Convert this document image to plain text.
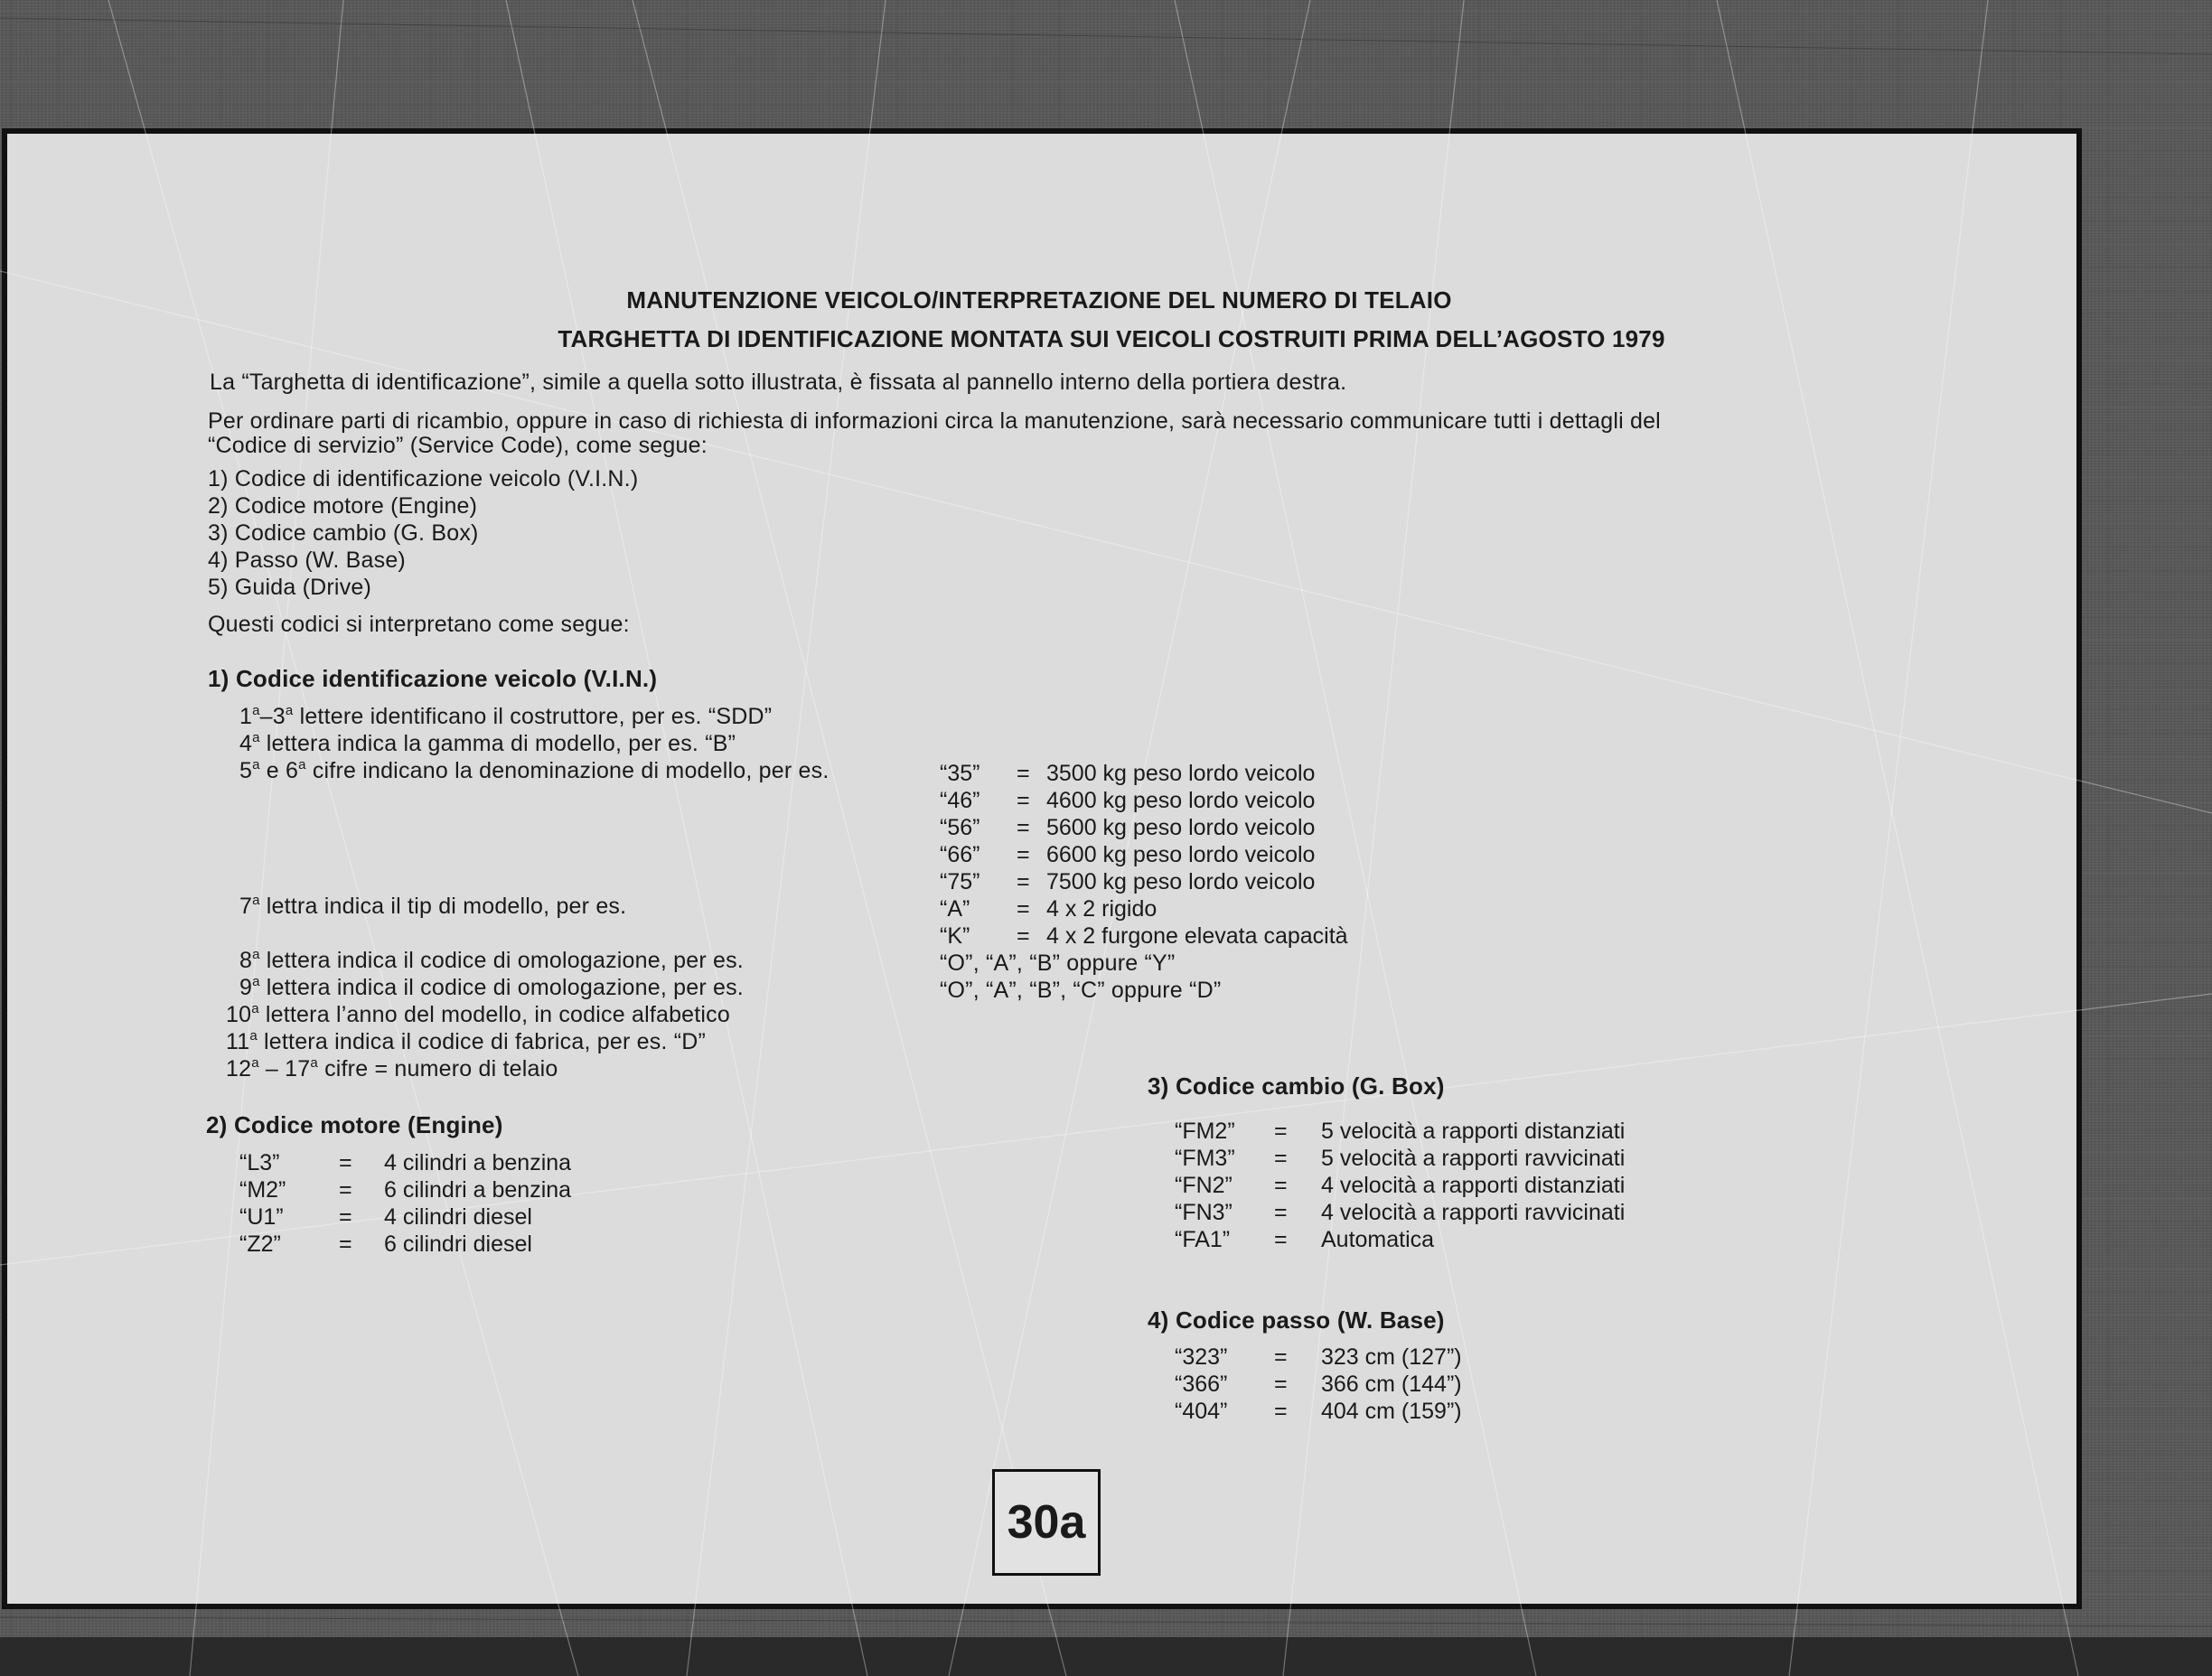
MANUTENZIONE VEICOLO/INTERPRETAZIONE DEL NUMERO DI TELAIO
TARGHETTA DI IDENTIFICAZIONE MONTATA SUI VEICOLI COSTRUITI PRIMA DELL’AGOSTO 1979
La “Targhetta di identificazione”, simile a quella sotto illustrata, è fissata al pannello interno della portiera destra.
Per ordinare parti di ricambio, oppure in caso di richiesta di informazioni circa la manutenzione, sarà necessario communicare tutti i dettagli del
“Codice di servizio” (Service Code), come segue:
1) Codice di identificazione veicolo (V.I.N.)
2) Codice motore (Engine)
3) Codice cambio (G. Box)
4) Passo (W. Base)
5) Guida (Drive)
Questi codici si interpretano come segue:
1) Codice identificazione veicolo (V.I.N.)
1$^a$–3$^a$ lettere identificano il costruttore, per es. “SDD”
4$^a$ lettera indica la gamma di modello, per es. “B”
5$^a$ e 6$^a$ cifre indicano la denominazione di modello, per es.	“35” = 3500 kg peso lordo veicolo
“46” = 4600 kg peso lordo veicolo
“56” = 5600 kg peso lordo veicolo
“66” = 6600 kg peso lordo veicolo
“75” = 7500 kg peso lordo veicolo
7$^a$ lettra indica il tip di modello, per es.	“A” = 4 x 2 rigido
“K” = 4 x 2 furgone elevata capacità
8$^a$ lettera indica il codice di omologazione, per es.	“O”, “A”, “B” oppure “Y”
9$^a$ lettera indica il codice di omologazione, per es.	“O”, “A”, “B”, “C” oppure “D”
10$^a$ lettera l’anno del modello, in codice alfabetico
11$^a$ lettera indica il codice di fabrica, per es. “D”
12$^a$ – 17$^a$ cifre = numero di telaio
2) Codice motore (Engine)
“L3”	= 4 cilindri a benzina
“M2” = 6 cilindri a benzina
“U1” = 4 cilindri diesel
“Z2”	= 6 cilindri diesel
3) Codice cambio (G. Box)
“FM2” = 5 velocità a rapporti distanziati
“FM3” = 5 velocità a rapporti ravvicinati
“FN2” = 4 velocità a rapporti distanziati
“FN3” = 4 velocità a rapporti ravvicinati
“FA1” = Automatica
4) Codice passo (W. Base)
“323” = 323 cm (127”)
“366” = 366 cm (144”)
“404” = 404 cm (159”)
30a
